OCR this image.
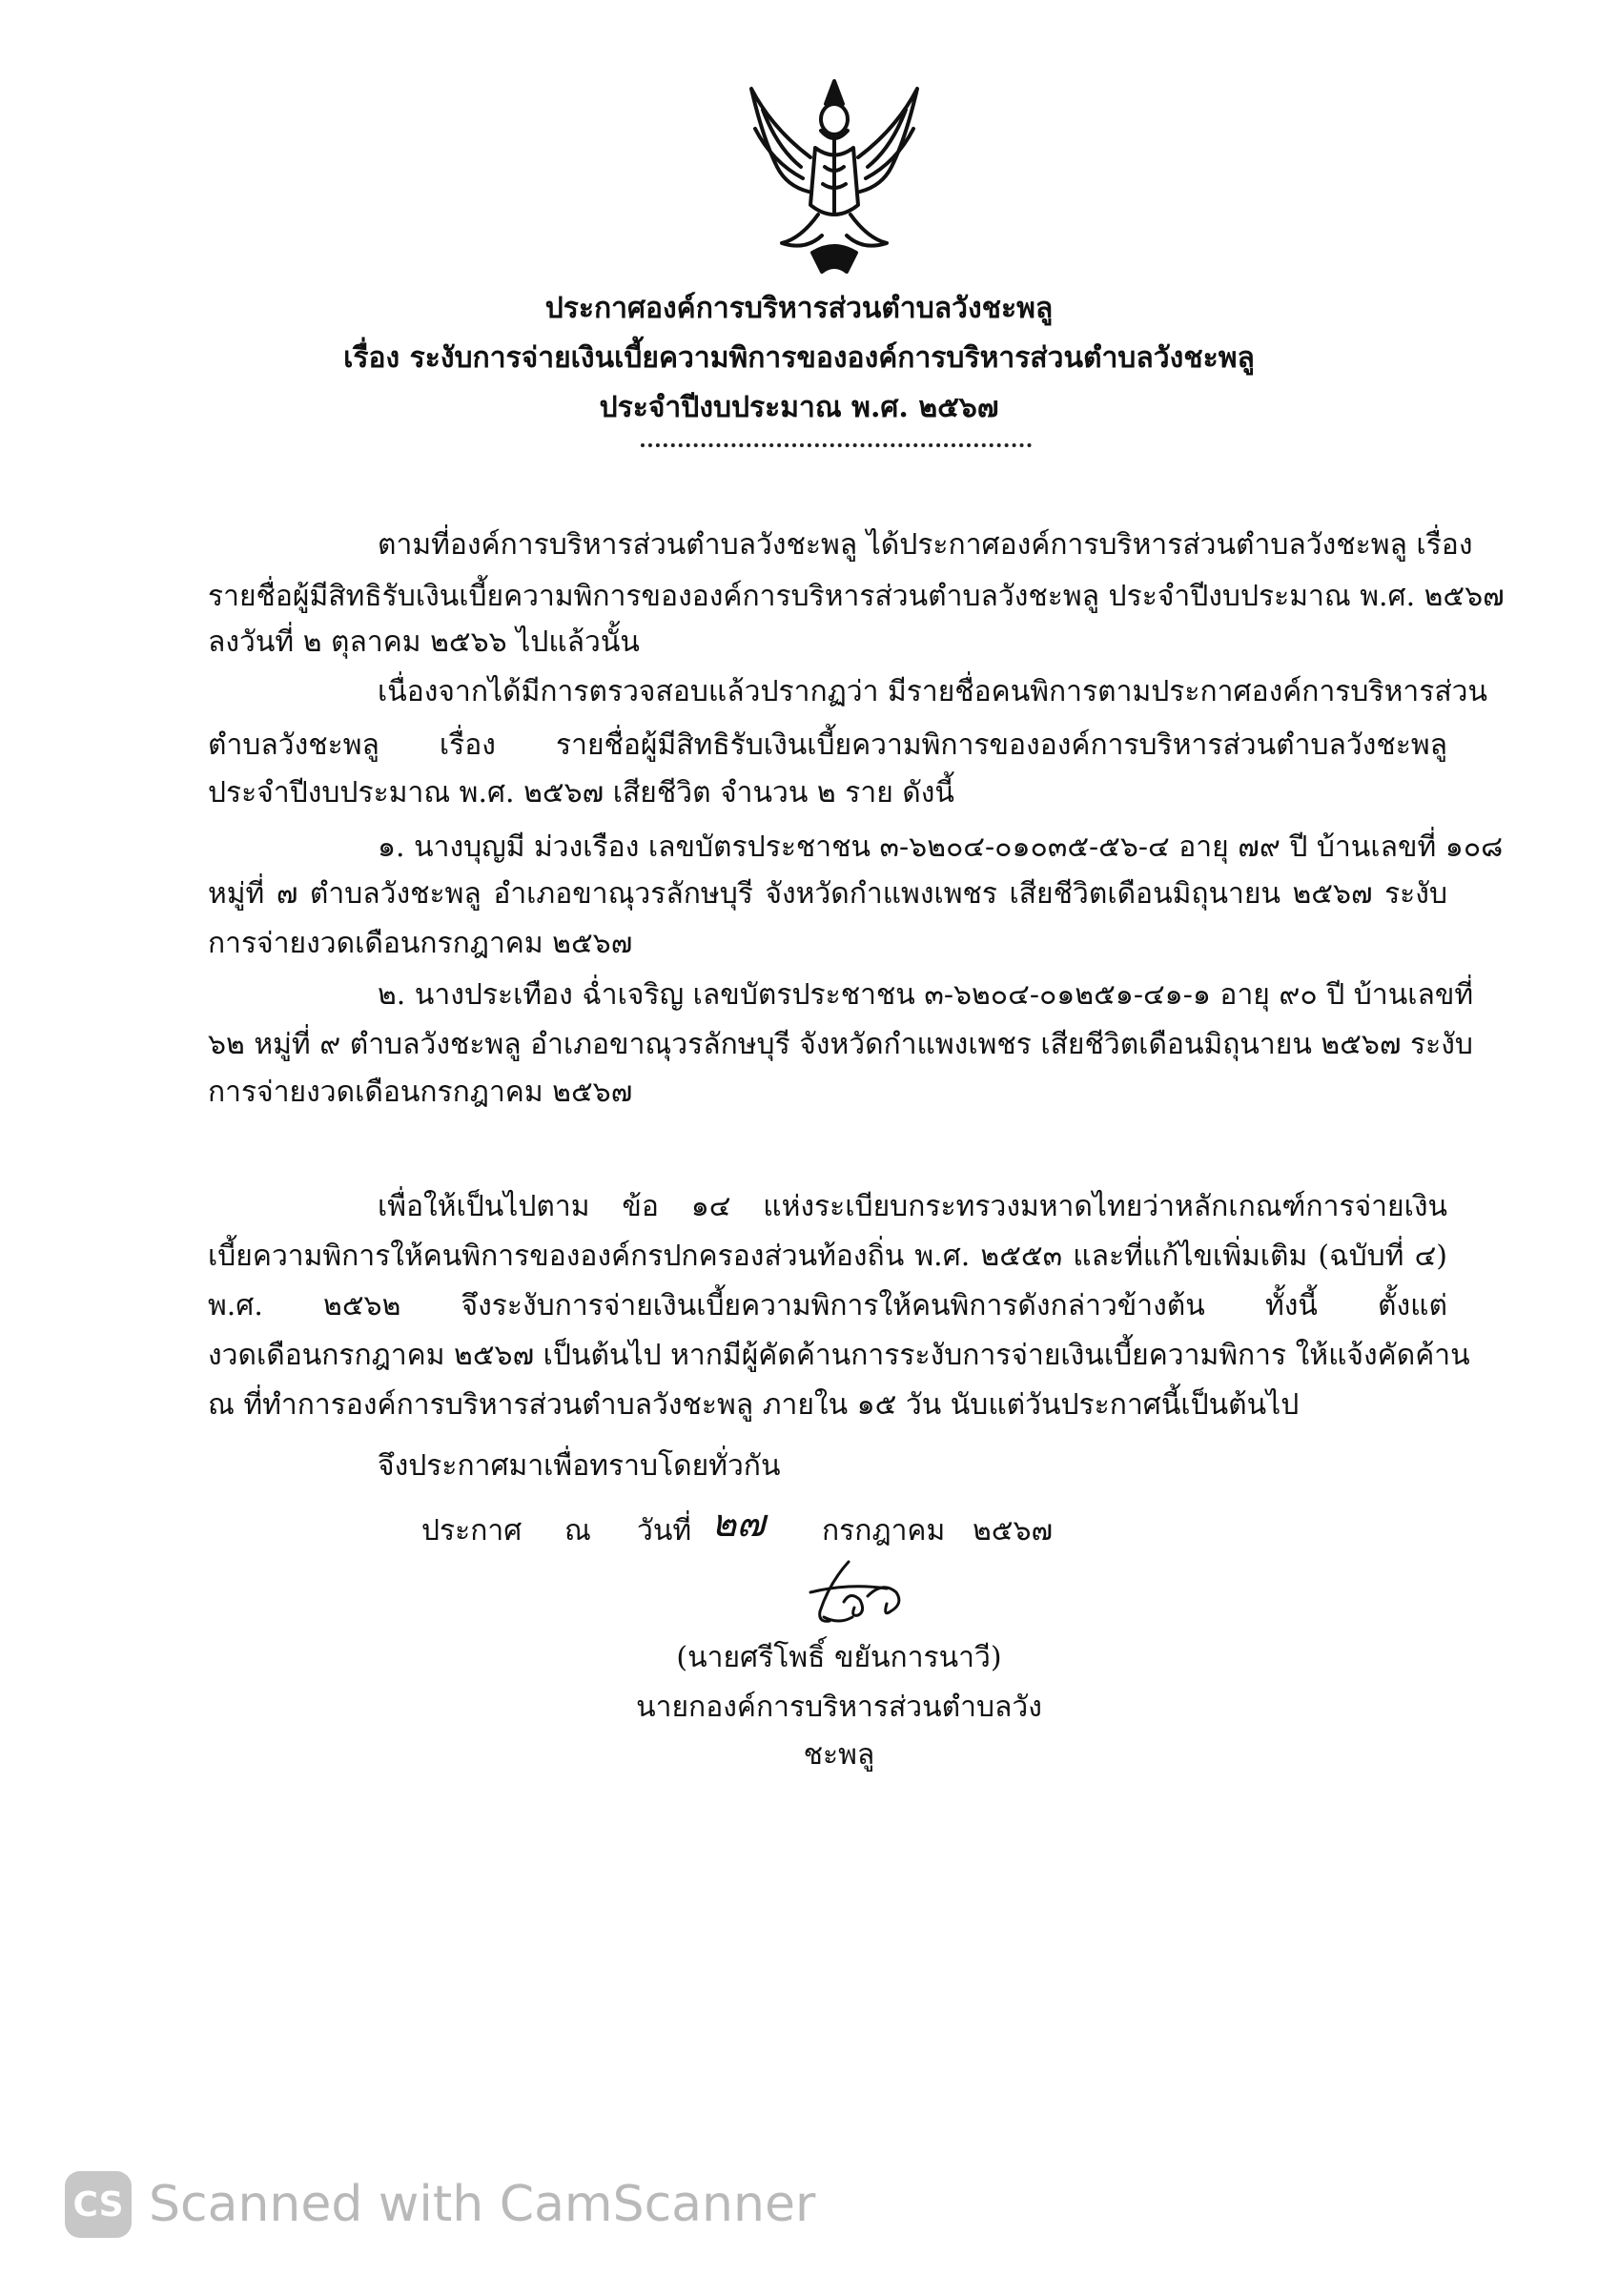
ประกาศองค์การบริหารส่วนตำบลวังชะพลู
เรื่อง ระงับการจ่ายเงินเบี้ยความพิการขององค์การบริหารส่วนตำบลวังชะพลู
ประจำปีงบประมาณ พ.ศ. ๒๕๖๗
ตามที่องค์การบริหารส่วนตำบลวังชะพลู ได้ประกาศองค์การบริหารส่วนตำบลวังชะพลู เรื่อง
รายชื่อผู้มีสิทธิรับเงินเบี้ยความพิการขององค์การบริหารส่วนตำบลวังชะพลู ประจำปีงบประมาณ พ.ศ. ๒๕๖๗
ลงวันที่ ๒ ตุลาคม ๒๕๖๖ ไปแล้วนั้น
เนื่องจากได้มีการตรวจสอบแล้วปรากฏว่า มีรายชื่อคนพิการตามประกาศองค์การบริหารส่วน
ตำบลวังชะพลู เรื่อง รายชื่อผู้มีสิทธิรับเงินเบี้ยความพิการขององค์การบริหารส่วนตำบลวังชะพลู
ประจำปีงบประมาณ พ.ศ. ๒๕๖๗ เสียชีวิต จำนวน ๒ ราย ดังนี้
๑. นางบุญมี ม่วงเรือง เลขบัตรประชาชน ๓-๖๒๐๔-๐๑๐๓๕-๕๖-๔ อายุ ๗๙ ปี บ้านเลขที่ ๑๐๘
หมู่ที่ ๗ ตำบลวังชะพลู อำเภอขาณุวรลักษบุรี จังหวัดกำแพงเพชร เสียชีวิตเดือนมิถุนายน ๒๕๖๗ ระงับ
การจ่ายงวดเดือนกรกฎาคม ๒๕๖๗
๒. นางประเทือง ฉ่ำเจริญ เลขบัตรประชาชน ๓-๖๒๐๔-๐๑๒๕๑-๔๑-๑ อายุ ๙๐ ปี บ้านเลขที่
๖๒ หมู่ที่ ๙ ตำบลวังชะพลู อำเภอขาณุวรลักษบุรี จังหวัดกำแพงเพชร เสียชีวิตเดือนมิถุนายน ๒๕๖๗ ระงับ
การจ่ายงวดเดือนกรกฎาคม ๒๕๖๗
เพื่อให้เป็นไปตาม ข้อ ๑๔ แห่งระเบียบกระทรวงมหาดไทยว่าหลักเกณฑ์การจ่ายเงิน
เบี้ยความพิการให้คนพิการขององค์กรปกครองส่วนท้องถิ่น พ.ศ. ๒๕๕๓ และที่แก้ไขเพิ่มเติม (ฉบับที่ ๔)
พ.ศ. ๒๕๖๒ จึงระงับการจ่ายเงินเบี้ยความพิการให้คนพิการดังกล่าวข้างต้น ทั้งนี้ ตั้งแต่
งวดเดือนกรกฎาคม ๒๕๖๗ เป็นต้นไป หากมีผู้คัดค้านการระงับการจ่ายเงินเบี้ยความพิการ ให้แจ้งคัดค้าน
ณ ที่ทำการองค์การบริหารส่วนตำบลวังชะพลู ภายใน ๑๕ วัน นับแต่วันประกาศนี้เป็นต้นไป
จึงประกาศมาเพื่อทราบโดยทั่วกัน
ประกาศ ณ วันที่ ๒๗ กรกฎาคม ๒๕๖๗
(นายศรีโพธิ์ ขยันการนาวี)
นายกองค์การบริหารส่วนตำบลวังชะพลู
CS Scanned with CamScanner
